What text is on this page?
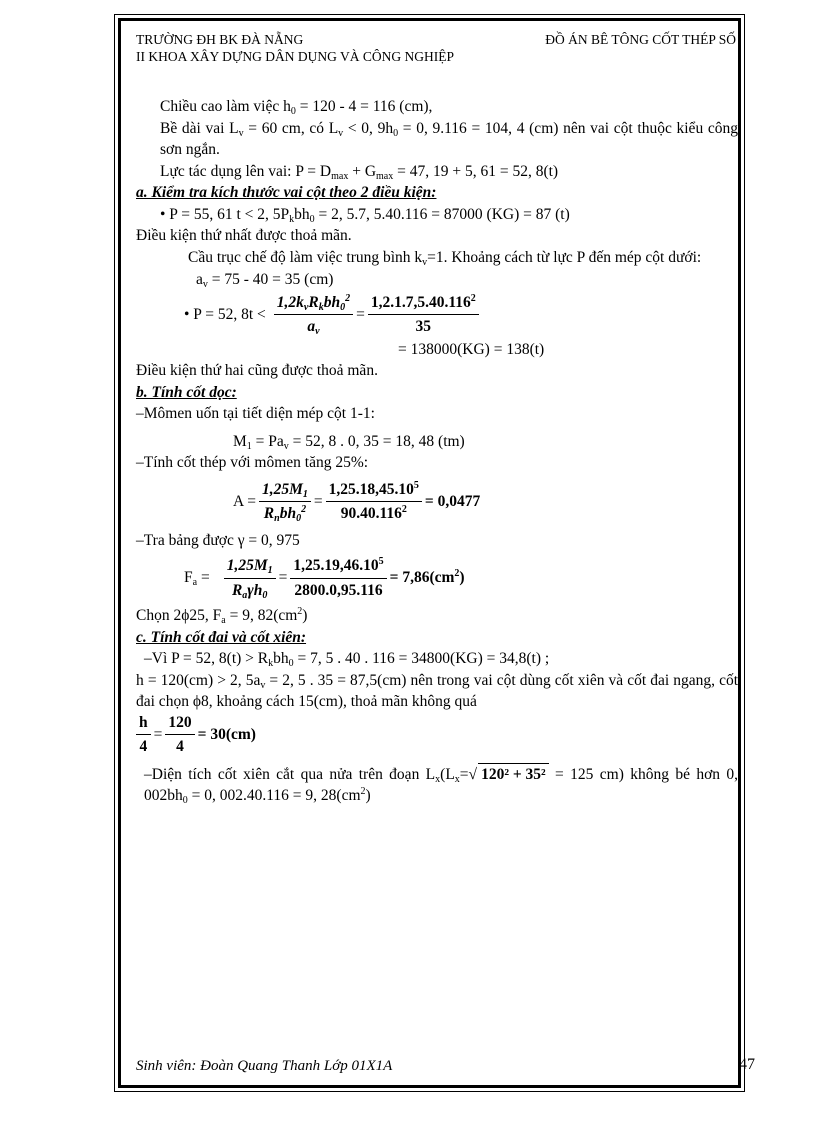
TRƯỜNG ĐH BK ĐÀ NẴNG	ĐỒ ÁN BÊ TÔNG CỐT THÉP SỐ
II KHOA XÂY DỰNG DÂN DỤNG VÀ CÔNG NGHIỆP
Chiều cao làm việc $h_0 = 120 - 4 = 116$ (cm),
Bề dài vai $L_v = 60$ cm, có $L_v < 0$, $9h_0 = 0$, 9.116 = 104, 4 (cm) nên vai cột thuộc kiểu công sơn ngắn.
Lực tác dụng lên vai: $P = D_{max} + G_{max} = 47$, 19 + 5, 61 = 52, 8(t)
a. Kiểm tra kích thước vai cột theo 2 điều kiện:
• P = 55, 61 t < 2, $5P_kbh_0 = 2$, 5.7, 5.40.116 = 87000 (KG) = 87 (t)
Điều kiện thứ nhất được thoả mãn.
Cầu trục chế độ làm việc trung bình $k_v=1$. Khoảng cách từ lực P đến mép cột dưới:
$a_v = 75 - 40 = 35$ (cm)
• P = 52, $8t < \frac{1,2k_vR_kbh_0^2}{a_v} = \frac{1,2.1.7,5.40.116^2}{35}$
= 138000(KG) = 138(t)
Điều kiện thứ hai cũng được thoả mãn.
b. Tính cốt dọc:
–Mômen uốn tại tiết diện mép cột 1-1:
$M_1 = Pa_v = 52$, 8 . 0, 35 = 18, 48 (tm)
–Tính cốt thép với mômen tăng 25%:
$A = \frac{1,25M_1}{R_nbh_0^2} = \frac{1,25.18,45.10^5}{90.40.116^2} = 0,0477$
–Tra bảng được γ = 0, 975
$F_a = \frac{1,25M_1}{R_a\gamma h_0} = \frac{1,25.19,46.10^5}{2800.0,95.116} = 7,86(cm^2)$
Chọn 2ϕ25, $F_a = 9$, $82(cm^2)$
c. Tính cốt đai và cốt xiên:
–Vì P = 52, $8(t) > R_kbh_0 = 7$, 5 . 40 . 116 = 34800(KG) = 34,8(t) ;
h = 120(cm) > 2, $5a_v = 2$, 5 . 35 = 87,5(cm) nên trong vai cột dùng cốt xiên và cốt đai ngang, cốt đai chọn ϕ8, khoảng cách 15(cm), thoả mãn không quá
$\frac{h}{4} = \frac{120}{4} = 30(cm)$
–Diện tích cốt xiên cắt qua nửa trên đoạn $L_x(L_x=√$ 120² + 35² = 125 cm) không bé hơn 0, $002bh_0 = 0$, 002.40.116 = 9, $28(cm^2)$
Sinh viên: Đoàn Quang Thanh Lớp 01X1A	47
